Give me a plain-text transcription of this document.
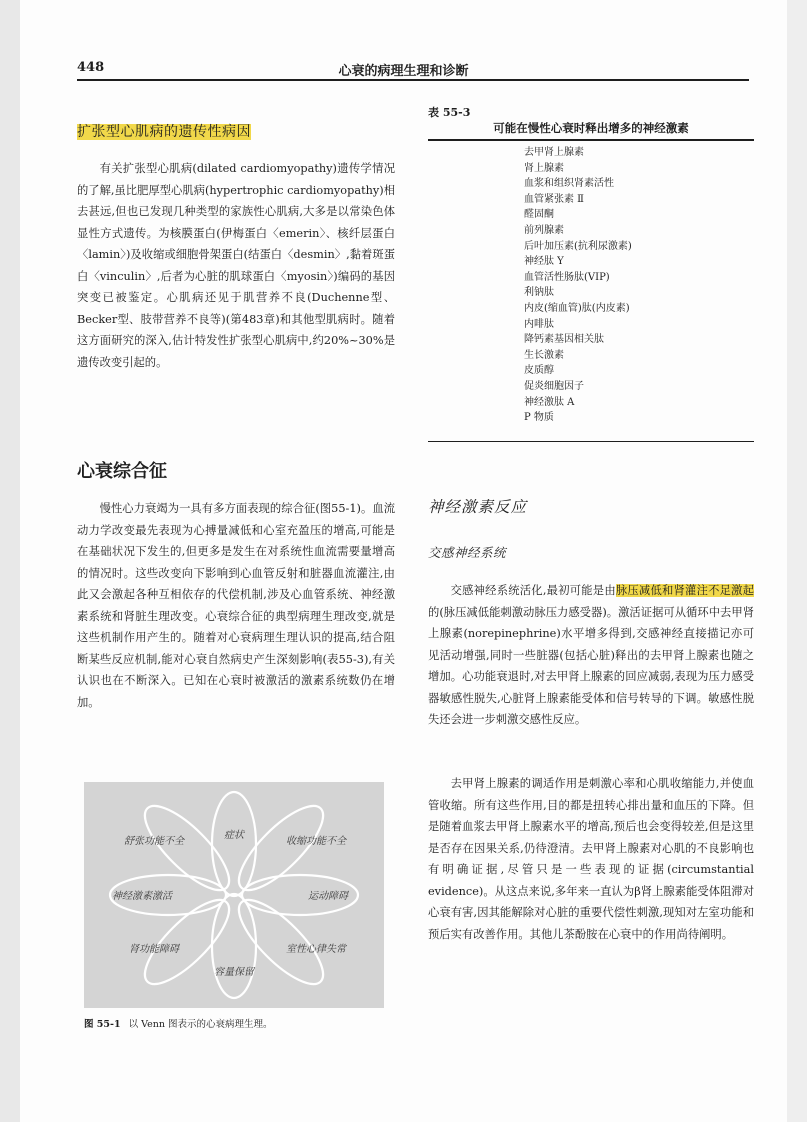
448	心衰的病理生理和诊断
扩张型心肌病的遗传性病因

有关扩张型心肌病(dilated cardiomyopathy)遗传学情况的了解,虽比肥厚型心肌病(hypertrophic cardiomyopathy)相去甚远,但也已发现几种类型的家族性心肌病,大多是以常染色体显性方式遗传。为核膜蛋白(伊梅蛋白〈emerin〉、核纤层蛋白〈lamin〉)及收缩或细胞骨架蛋白(结蛋白〈desmin〉,黏着斑蛋白〈vinculin〉,后者为心脏的肌球蛋白〈myosin〉)编码的基因突变已被鉴定。心肌病还见于肌营养不良(Duchenne型、Becker型、肢带营养不良等)(第483章)和其他型肌病时。随着这方面研究的深入,估计特发性扩张型心肌病中,约20%~30%是遗传改变引起的。

心衰综合征

慢性心力衰竭为一具有多方面表现的综合征(图55-1)。血流动力学改变最先表现为心搏量减低和心室充盈压的增高,可能是在基础状况下发生的,但更多是发生在对系统性血流需要量增高的情况时。这些改变向下影响到心血管反射和脏器血流灌注,由此又会激起各种互相依存的代偿机制,涉及心血管系统、神经激素系统和肾脏生理改变。心衰综合征的典型病理生理改变,就是这些机制作用产生的。随着对心衰病理生理认识的提高,结合阻断某些反应机制,能对心衰自然病史产生深刻影响(表55-3),有关认识也在不断深入。已知在心衰时被激活的激素系统数仍在增加。

症状
舒张功能不全	收缩功能不全
神经激素激活	运动障碍
肾功能障碍	室性心律失常
容量保留
图 55-1 以 Venn 图表示的心衰病理生理。
表 55-3
可能在慢性心衰时释出增多的神经激素
去甲肾上腺素
肾上腺素
血浆和组织肾素活性
血管紧张素 Ⅱ
醛固酮
前列腺素
后叶加压素(抗利尿激素)
神经肽 Y
血管活性肠肽(VIP)
利钠肽
内皮(缩血管)肽(内皮素)
内啡肽
降钙素基因相关肽
生长激素
皮质醇
促炎细胞因子
神经激肽 A
P 物质
神经激素反应
交感神经系统

交感神经系统活化,最初可能是由脉压减低和肾灌注不足激起的(脉压减低能刺激动脉压力感受器)。激活证据可从循环中去甲肾上腺素(norepinephrine)水平增多得到,交感神经直接描记亦可见活动增强,同时一些脏器(包括心脏)释出的去甲肾上腺素也随之增加。心功能衰退时,对去甲肾上腺素的回应减弱,表现为压力感受器敏感性脱失,心脏肾上腺素能受体和信号转导的下调。敏感性脱失还会进一步刺激交感性反应。

去甲肾上腺素的调适作用是刺激心率和心肌收缩能力,并使血管收缩。所有这些作用,目的都是扭转心排出量和血压的下降。但是随着血浆去甲肾上腺素水平的增高,预后也会变得较差,但是这里是否存在因果关系,仍待澄清。去甲肾上腺素对心肌的不良影响也有明确证据,尽管只是一些表现的证据(circumstantial evidence)。从这点来说,多年来一直认为β肾上腺素能受体阻滞对心衰有害,因其能解除对心脏的重要代偿性刺激,现知对左室功能和预后实有改善作用。其他儿茶酚胺在心衰中的作用尚待阐明。
